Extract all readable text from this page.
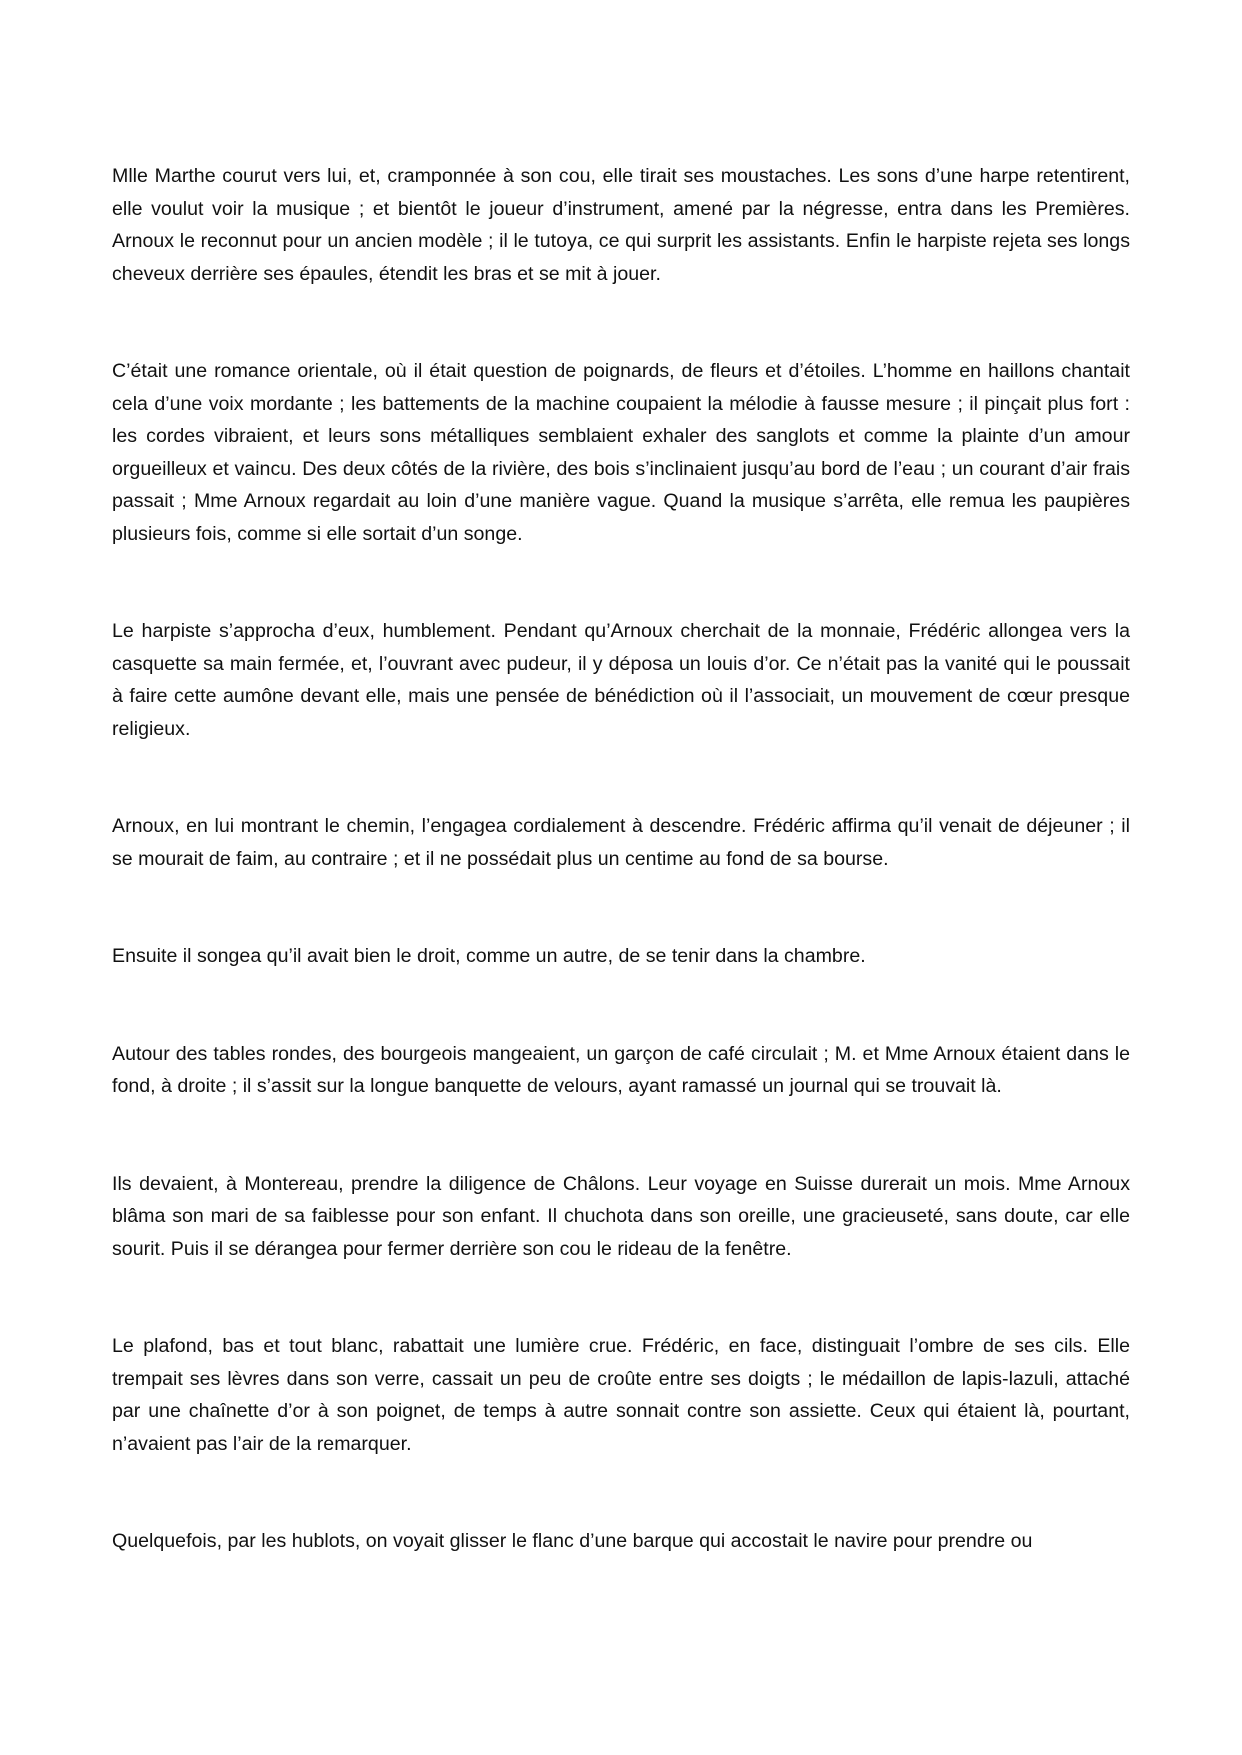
Mlle Marthe courut vers lui, et, cramponnée à son cou, elle tirait ses moustaches. Les sons d’une harpe retentirent, elle voulut voir la musique ; et bientôt le joueur d’instrument, amené par la négresse, entra dans les Premières. Arnoux le reconnut pour un ancien modèle ; il le tutoya, ce qui surprit les assistants. Enfin le harpiste rejeta ses longs cheveux derrière ses épaules, étendit les bras et se mit à jouer.

C’était une romance orientale, où il était question de poignards, de fleurs et d’étoiles. L’homme en haillons chantait cela d’une voix mordante ; les battements de la machine coupaient la mélodie à fausse mesure ; il pinçait plus fort : les cordes vibraient, et leurs sons métalliques semblaient exhaler des sanglots et comme la plainte d’un amour orgueilleux et vaincu. Des deux côtés de la rivière, des bois s’inclinaient jusqu’au bord de l’eau ; un courant d’air frais passait ; Mme Arnoux regardait au loin d’une manière vague. Quand la musique s’arrêta, elle remua les paupières plusieurs fois, comme si elle sortait d’un songe.

Le harpiste s’approcha d’eux, humblement. Pendant qu’Arnoux cherchait de la monnaie, Frédéric allongea vers la casquette sa main fermée, et, l’ouvrant avec pudeur, il y déposa un louis d’or. Ce n’était pas la vanité qui le poussait à faire cette aumône devant elle, mais une pensée de bénédiction où il l’associait, un mouvement de cœur presque religieux.

Arnoux, en lui montrant le chemin, l’engagea cordialement à descendre. Frédéric affirma qu’il venait de déjeuner ; il se mourait de faim, au contraire ; et il ne possédait plus un centime au fond de sa bourse.

Ensuite il songea qu’il avait bien le droit, comme un autre, de se tenir dans la chambre.

Autour des tables rondes, des bourgeois mangeaient, un garçon de café circulait ; M. et Mme Arnoux étaient dans le fond, à droite ; il s’assit sur la longue banquette de velours, ayant ramassé un journal qui se trouvait là.

Ils devaient, à Montereau, prendre la diligence de Châlons. Leur voyage en Suisse durerait un mois. Mme Arnoux blâma son mari de sa faiblesse pour son enfant. Il chuchota dans son oreille, une gracieuseté, sans doute, car elle sourit. Puis il se dérangea pour fermer derrière son cou le rideau de la fenêtre.

Le plafond, bas et tout blanc, rabattait une lumière crue. Frédéric, en face, distinguait l’ombre de ses cils. Elle trempait ses lèvres dans son verre, cassait un peu de croûte entre ses doigts ; le médaillon de lapis-lazuli, attaché par une chaînette d’or à son poignet, de temps à autre sonnait contre son assiette. Ceux qui étaient là, pourtant, n’avaient pas l’air de la remarquer.

Quelquefois, par les hublots, on voyait glisser le flanc d’une barque qui accostait le navire pour prendre ou
